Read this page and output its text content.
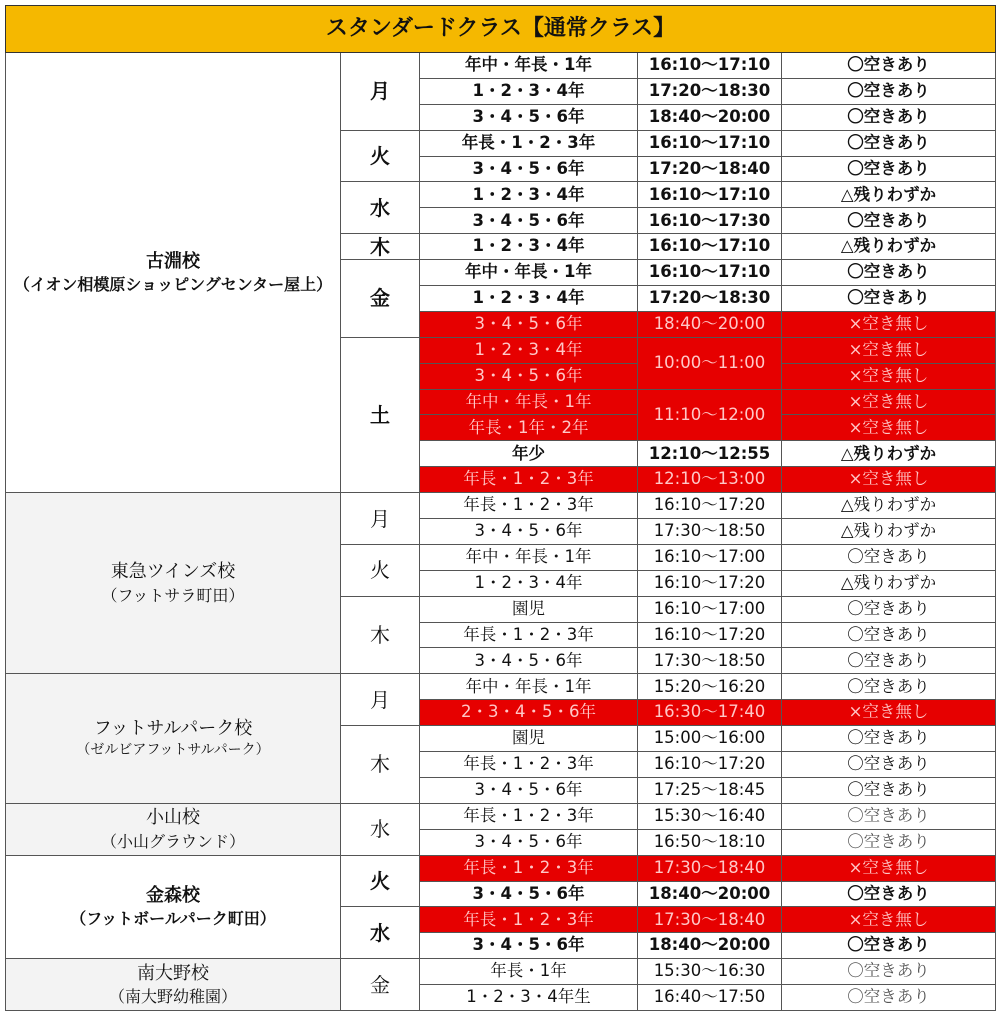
スタンダードクラス【通常クラス】				

古淵校
（イオン相模原ショッピングセンター屋上）	月	年中・年長・1年	16:10～17:10	〇空きあり
		1・2・3・4年	17:20～18:30	〇空きあり
		3・4・5・6年	18:40～20:00	〇空きあり
	火	年長・1・2・3年	16:10～17:10	〇空きあり
		3・4・5・6年	17:20～18:40	〇空きあり
	水	1・2・3・4年	16:10～17:10	△残りわずか
		3・4・5・6年	16:10～17:30	〇空きあり
	木	1・2・3・4年	16:10～17:10	△残りわずか
	金	年中・年長・1年	16:10～17:10	〇空きあり
		1・2・3・4年	17:20～18:30	〇空きあり
		3・4・5・6年	18:40～20:00	×空き無し
	土	1・2・3・4年	10:00～11:00	×空き無し
		3・4・5・6年		×空き無し
		年中・年長・1年	11:10～12:00	×空き無し
		年長・1年・2年		×空き無し
		年少	12:10～12:55	△残りわずか
		年長・1・2・3年	12:10～13:00	×空き無し

東急ツインズ校
（フットサラ町田）	月	年長・1・2・3年	16:10～17:20	△残りわずか
		3・4・5・6年	17:30～18:50	△残りわずか
	火	年中・年長・1年	16:10～17:00	〇空きあり
		1・2・3・4年	16:10～17:20	△残りわずか
	木	園児	16:10～17:00	〇空きあり
		年長・1・2・3年	16:10～17:20	〇空きあり
		3・4・5・6年	17:30～18:50	〇空きあり

フットサルパーク校
（ゼルビアフットサルパーク）	月	年中・年長・1年	15:20～16:20	〇空きあり
		2・3・4・5・6年	16:30～17:40	×空き無し
	木	園児	15:00～16:00	〇空きあり
		年長・1・2・3年	16:10～17:20	〇空きあり
		3・4・5・6年	17:25～18:45	〇空きあり

小山校
（小山グラウンド）	水	年長・1・2・3年	15:30～16:40	〇空きあり
		3・4・5・6年	16:50～18:10	〇空きあり

金森校
（フットボールパーク町田）	火	年長・1・2・3年	17:30～18:40	×空き無し
		3・4・5・6年	18:40～20:00	〇空きあり
	水	年長・1・2・3年	17:30～18:40	×空き無し
		3・4・5・6年	18:40～20:00	〇空きあり

南大野校
（南大野幼稚園）	金	年長・1年	15:30～16:30	〇空きあり
		1・2・3・4年生	16:40～17:50	〇空きあり
